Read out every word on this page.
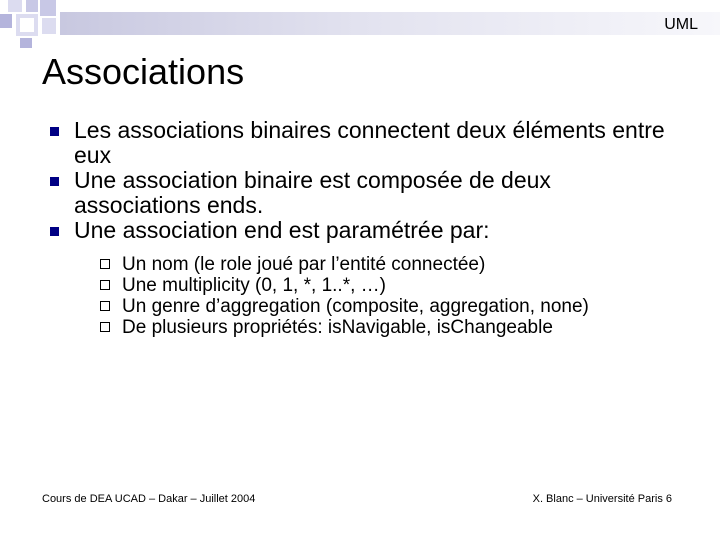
UML
Associations
Les associations binaires connectent deux éléments entre eux
Une association binaire est composée de deux associations ends.
Une association end est paramétrée par:
Un nom (le role joué par l’entité connectée)
Une multiplicity (0, 1, *, 1..*, …)
Un genre d’aggregation (composite, aggregation, none)
De plusieurs propriétés: isNavigable, isChangeable
Cours de DEA UCAD – Dakar – Juillet 2004	X. Blanc – Université Paris 6
